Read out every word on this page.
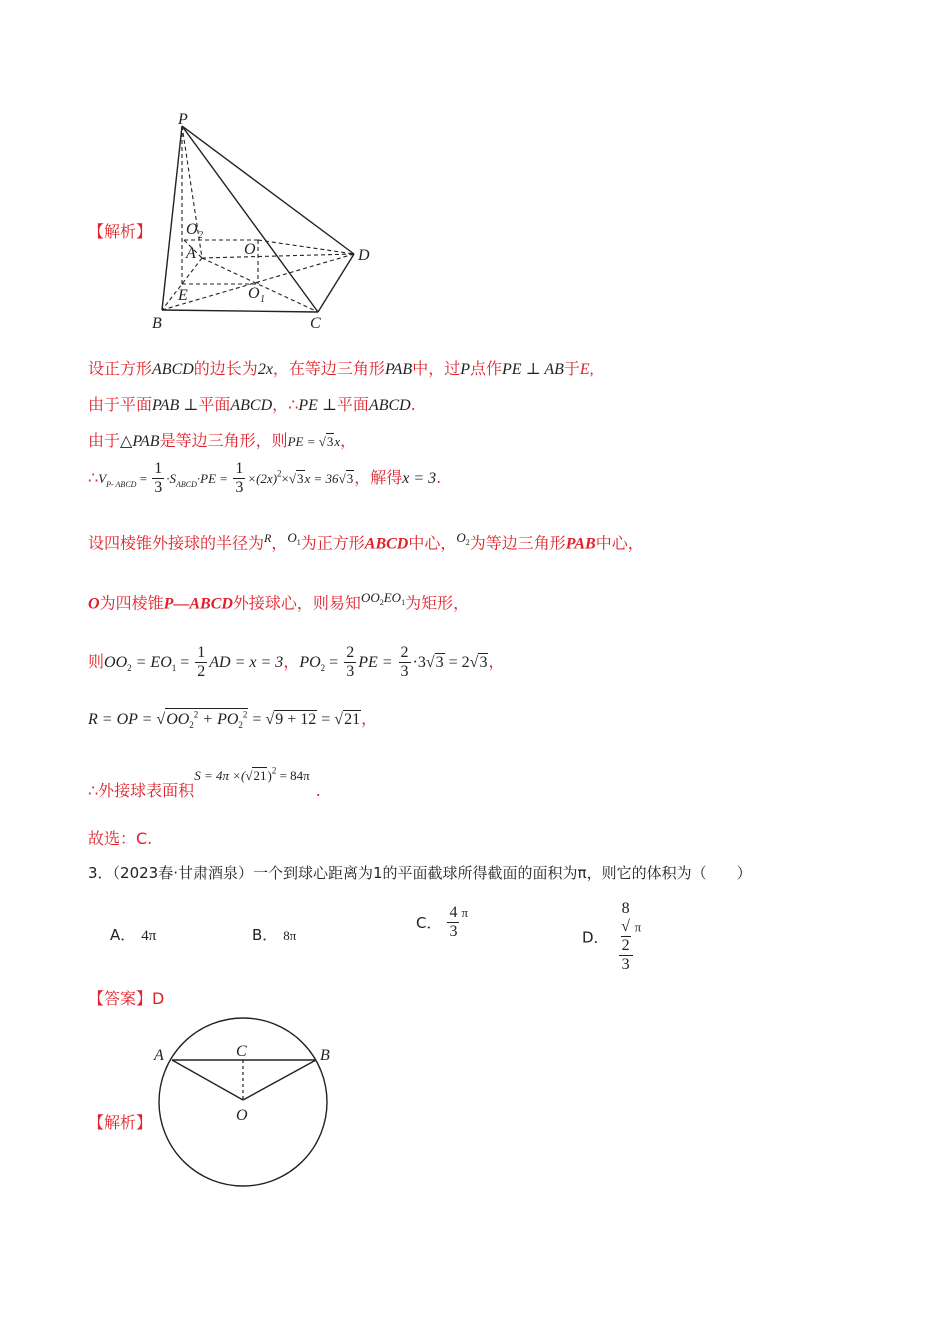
【解析】
P
O 2
O
A	D
E	O 1
B	C
设正方形ABCD的边长为2x，在等边三角形PAB中，过P点作PE ⊥ AB于E,
由于平面PAB ⊥平面ABCD，∴PE ⊥平面ABCD.
由于△PAB是等边三角形，则PE = √3x，
$\therefore V_{P- ABCD} = \frac{1}{3} \cdot S_{ABCD}\cdot PE = \frac{1}{3} \times(2x)^2\times√3x = 36√3$，解得x = 3.
设四棱锥外接球的半径为$^R$，$^{O_1}$为正方形ABCD中心，$^{O_2}$为等边三角形PAB中心，
O为四棱锥P—ABCD外接球心，则易知$^{OO_2EO_1}$为矩形，
则$OO_2 = EO_1 = \frac{1}{2}$ AD = x = 3，$PO_2 = \frac{2}{3}$ PE = $\frac{2}{3} \cdot 3√3 = 2√3$，
R = OP = $√OO_2^2 + PO_2^2 = √9 + 12 = √21$，
∴外接球表面积$S = 4\pi \times(√21)^2 = 84\pi$.
故选：C.
3．（2023春·甘肃酒泉）一个到球心距离为1的平面截球所得截面的面积为π，则它的体积为（　　）
A． 4π	B． 8π
C． $\frac{4}{3}$ π
D． 8
√
2
3 π
【答案】D
【解析】
A	C	B
O
